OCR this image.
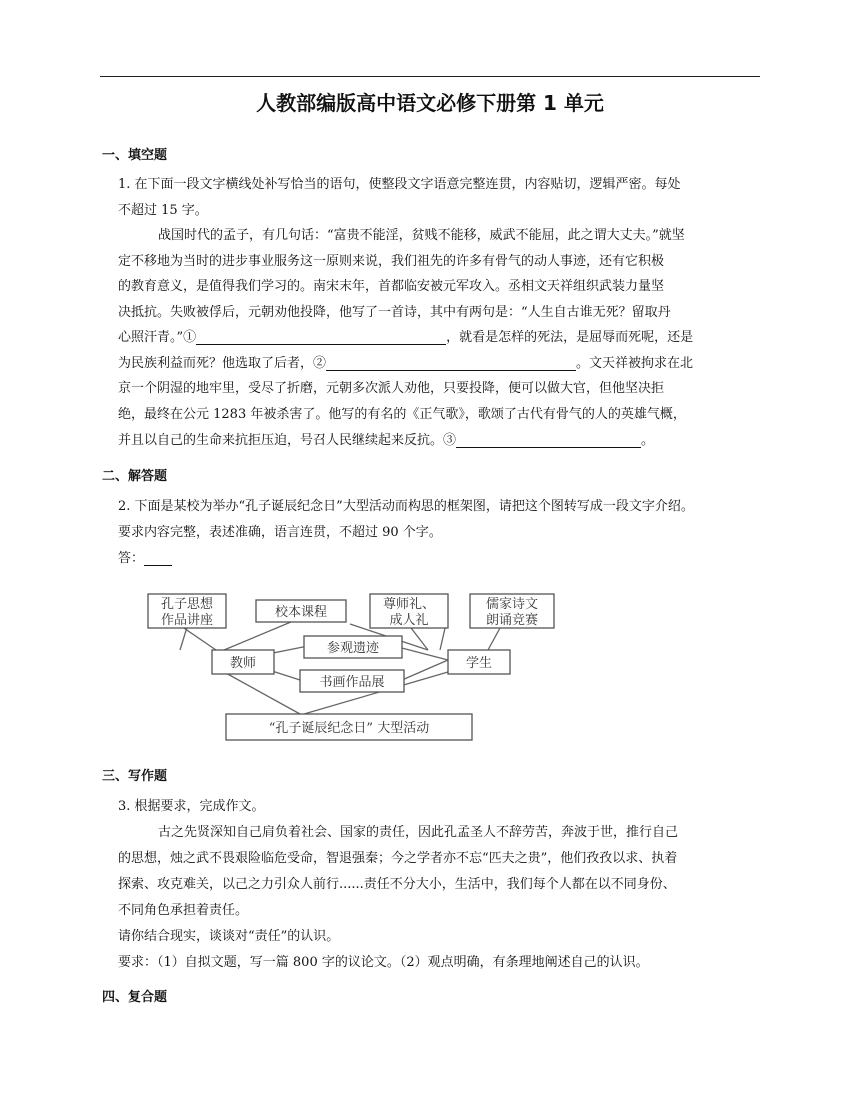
人教部编版高中语文必修下册第 1 单元
一、填空题
1. 在下面一段文字横线处补写恰当的语句，使整段文字语意完整连贯，内容贴切，逻辑严密。每处
不超过 15 字。
战国时代的孟子，有几句话：“富贵不能淫，贫贱不能移，威武不能屈，此之谓大丈夫。”就坚
定不移地为当时的进步事业服务这一原则来说，我们祖先的许多有骨气的动人事迹，还有它积极
的教育意义，是值得我们学习的。南宋末年，首都临安被元军攻入。丞相文天祥组织武装力量坚
决抵抗。失败被俘后，元朝劝他投降，他写了一首诗，其中有两句是：“人生自古谁无死？留取丹
心照汗青。”①	，就看是怎样的死法，是屈辱而死呢，还是
为民族利益而死？他选取了后者，②	。文天祥被拘求在北
京一个阴湿的地牢里，受尽了折磨，元朝多次派人劝他，只要投降，便可以做大官，但他坚决拒
绝，最终在公元 1283 年被杀害了。他写的有名的《正气歌》，歌颂了古代有骨气的人的英雄气概，
并且以自己的生命来抗拒压迫，号召人民继续起来反抗。③	。
二、解答题
2. 下面是某校为举办“孔子诞辰纪念日”大型活动而构思的框架图，请把这个图转写成一段文字介绍。
要求内容完整，表述准确，语言连贯，不超过 90 个字。
答：
孔子思想
作品讲座
校本课程
尊师礼、
成人礼
教师
参观遗迹
书画作品展
“孔子诞辰纪念日” 大型活动
儒家诗文
朗诵竞赛
学生
三、写作题
3. 根据要求，完成作文。
古之先贤深知自己肩负着社会、国家的责任，因此孔孟圣人不辞劳苦，奔波于世，推行自己
的思想，烛之武不畏艰险临危受命，智退强秦；今之学者亦不忘“匹夫之贵”，他们孜孜以求、执着
探索、攻克难关，以己之力引众人前行......责任不分大小，生活中，我们每个人都在以不同身份、
不同角色承担着责任。
请你结合现实，谈谈对“责任”的认识。
要求：（1）自拟文题，写一篇 800 字的议论文。（2）观点明确，有条理地阐述自己的认识。
四、复合题
